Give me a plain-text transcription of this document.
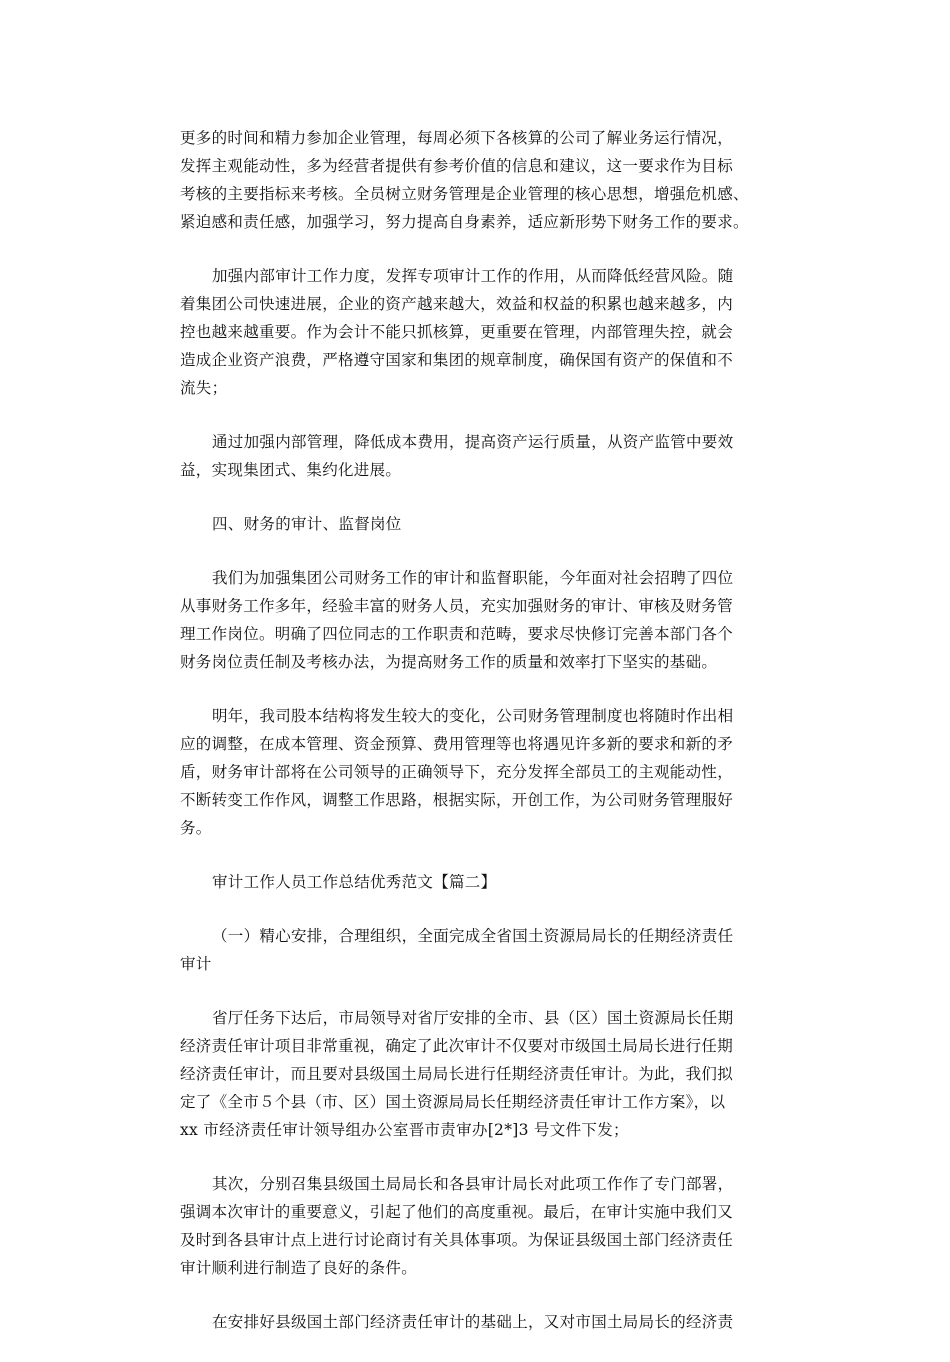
更多的时间和精力参加企业管理，每周必须下各核算的公司了解业务运行情况，
发挥主观能动性，多为经营者提供有参考价值的信息和建议，这一要求作为目标
考核的主要指标来考核。全员树立财务管理是企业管理的核心思想，增强危机感、
紧迫感和责任感，加强学习，努力提高自身素养，适应新形势下财务工作的要求。
加强内部审计工作力度，发挥专项审计工作的作用，从而降低经营风险。随
着集团公司快速进展，企业的资产越来越大，效益和权益的积累也越来越多，内
控也越来越重要。作为会计不能只抓核算，更重要在管理，内部管理失控，就会
造成企业资产浪费，严格遵守国家和集团的规章制度，确保国有资产的保值和不
流失；
通过加强内部管理，降低成本费用，提高资产运行质量，从资产监管中要效
益，实现集团式、集约化进展。
四、财务的审计、监督岗位
我们为加强集团公司财务工作的审计和监督职能，今年面对社会招聘了四位
从事财务工作多年，经验丰富的财务人员，充实加强财务的审计、审核及财务管
理工作岗位。明确了四位同志的工作职责和范畴，要求尽快修订完善本部门各个
财务岗位责任制及考核办法，为提高财务工作的质量和效率打下坚实的基础。
明年，我司股本结构将发生较大的变化，公司财务管理制度也将随时作出相
应的调整，在成本管理、资金预算、费用管理等也将遇见许多新的要求和新的矛
盾，财务审计部将在公司领导的正确领导下，充分发挥全部员工的主观能动性，
不断转变工作作风，调整工作思路，根据实际，开创工作，为公司财务管理服好
务。
审计工作人员工作总结优秀范文【篇二】
（一）精心安排，合理组织，全面完成全省国土资源局局长的任期经济责任
审计
省厅任务下达后，市局领导对省厅安排的全市、县（区）国土资源局长任期
经济责任审计项目非常重视，确定了此次审计不仅要对市级国土局局长进行任期
经济责任审计，而且要对县级国土局局长进行任期经济责任审计。为此，我们拟
定了《全市５个县（市、区）国土资源局局长任期经济责任审计工作方案》，以
xx 市经济责任审计领导组办公室晋市责审办[2*]3 号文件下发；
其次，分别召集县级国土局局长和各县审计局长对此项工作作了专门部署，
强调本次审计的重要意义，引起了他们的高度重视。最后，在审计实施中我们又
及时到各县审计点上进行讨论商讨有关具体事项。为保证县级国土部门经济责任
审计顺利进行制造了良好的条件。
在安排好县级国土部门经济责任审计的基础上，又对市国土局局长的经济责
